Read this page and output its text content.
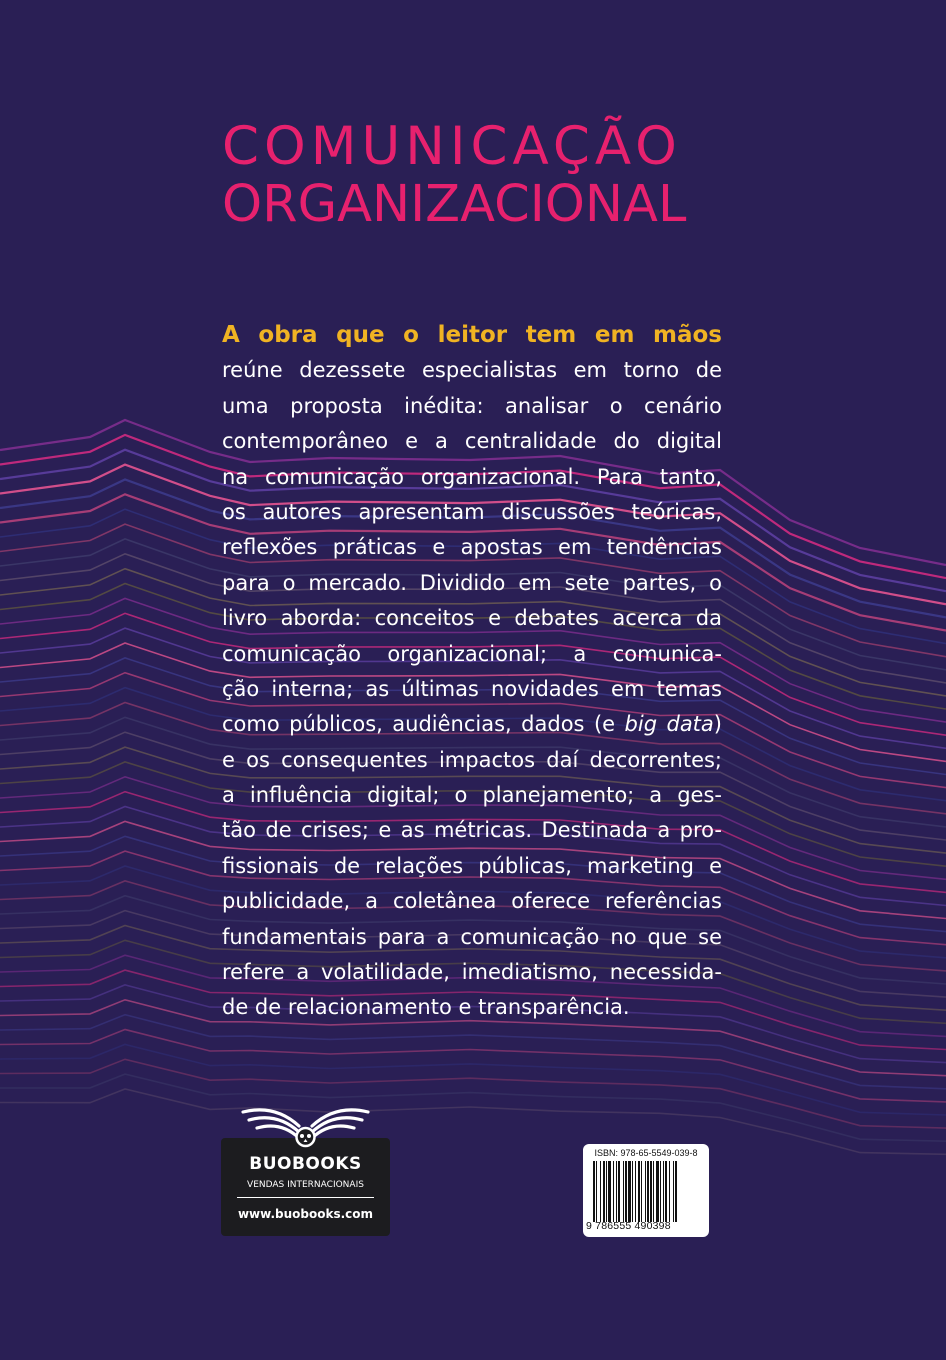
COMUNICAÇÃO
ORGANIZACIONAL
A obra que o leitor tem em mãos
reúne dezessete especialistas em torno de
uma proposta inédita: analisar o cenário
contemporâneo e a centralidade do digital
na comunicação organizacional. Para tanto,
os autores apresentam discussões teóricas,
reflexões práticas e apostas em tendências
para o mercado. Dividido em sete partes, o
livro aborda: conceitos e debates acerca da
comunicação organizacional; a comunica-
ção interna; as últimas novidades em temas
como públicos, audiências, dados (e big data)
e os consequentes impactos daí decorrentes;
a influência digital; o planejamento; a ges-
tão de crises; e as métricas. Destinada a pro-
fissionais de relações públicas, marketing e
publicidade, a coletânea oferece referências
fundamentais para a comunicação no que se
refere a volatilidade, imediatismo, necessida-
de de relacionamento e transparência.
BUOBOOKS
VENDAS INTERNACIONAIS
www.buobooks.com
ISBN: 978-65-5549-039-8
9 786555 490398
